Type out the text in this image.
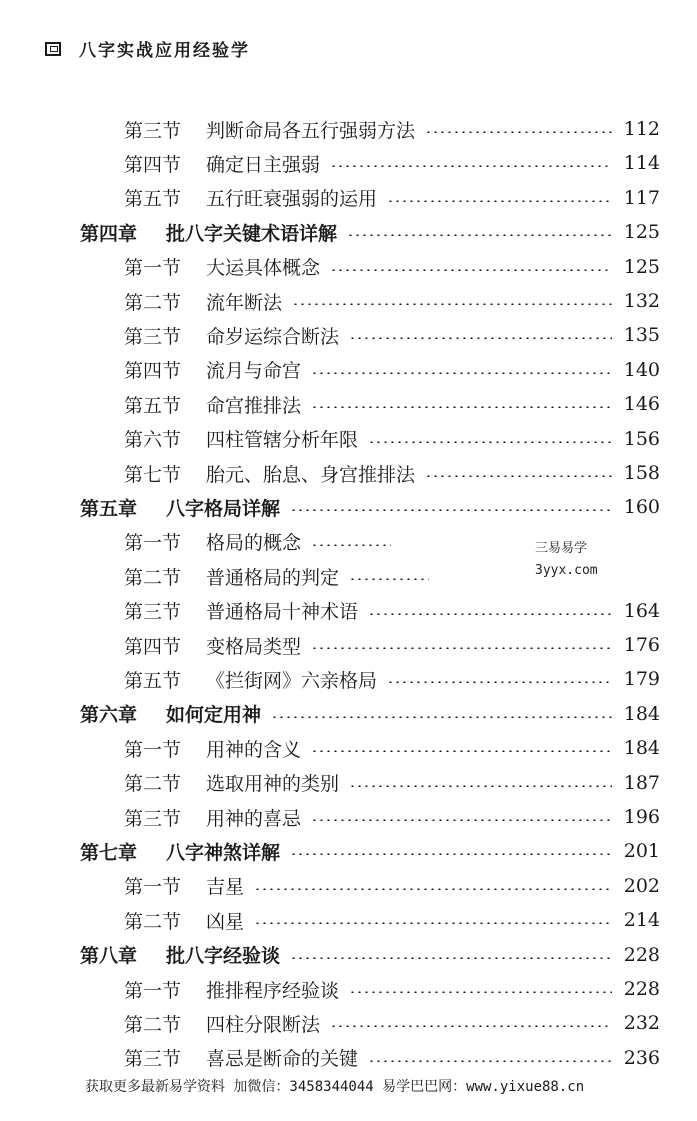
八字实战应用经验学
第三节	判断命局各五行强弱方法	112
第四节	确定日主强弱	114
第五节	五行旺衰强弱的运用	117
第四章	批八字关键术语详解	125
第一节	大运具体概念	125
第二节	流年断法	132
第三节	命岁运综合断法	135
第四节	流月与命宫	140
第五节	命宫推排法	146
第六节	四柱管辖分析年限	156
第七节	胎元、胎息、身宫推排法	158
第五章	八字格局详解	160
第一节	格局的概念
第二节	普通格局的判定
第三节	普通格局十神术语	164
第四节	变格局类型	176
第五节	《拦街网》六亲格局	179
第六章	如何定用神	184
第一节	用神的含义	184
第二节	选取用神的类别	187
第三节	用神的喜忌	196
第七章	八字神煞详解	201
第一节	吉星	202
第二节	凶星	214
第八章	批八字经验谈	228
第一节	推排程序经验谈	228
第二节	四柱分限断法	232
第三节	喜忌是断命的关键	236
三易易学
3yyx.com
获取更多最新易学资料 加微信：3458344044 易学巴巴网：www.yixue88.cn
